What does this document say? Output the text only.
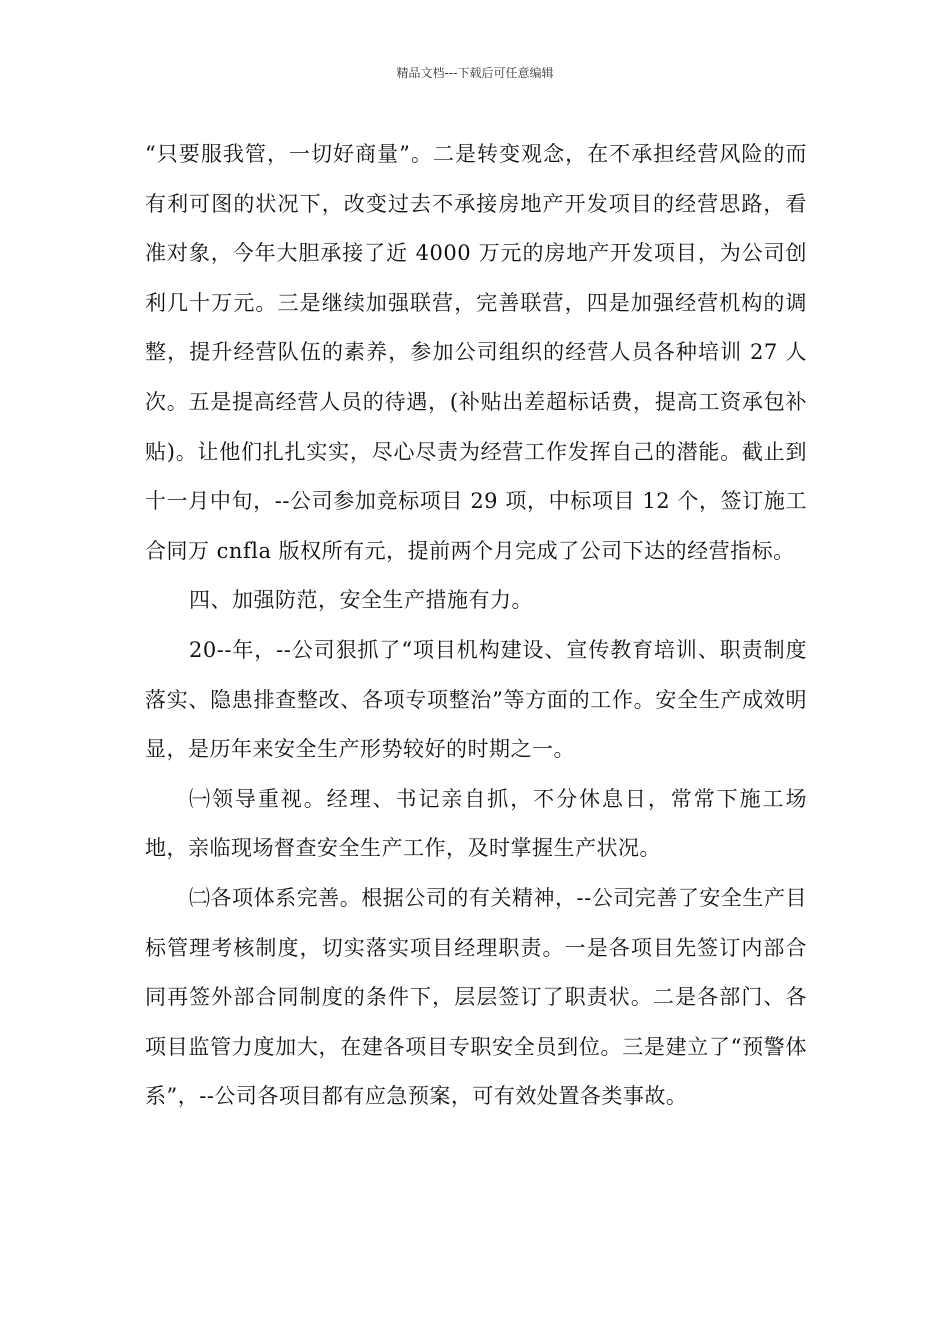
精品文档---下载后可任意编辑

“只要服我管，一切好商量”。二是转变观念，在不承担经营风险的而有利可图的状况下，改变过去不承接房地产开发项目的经营思路，看准对象，今年大胆承接了近 4000 万元的房地产开发项目，为公司创利几十万元。三是继续加强联营，完善联营，四是加强经营机构的调整，提升经营队伍的素养，参加公司组织的经营人员各种培训 27 人次。五是提高经营人员的待遇，(补贴出差超标话费，提高工资承包补贴)。让他们扎扎实实，尽心尽责为经营工作发挥自己的潜能。截止到十一月中旬，--公司参加竞标项目 29 项，中标项目 12 个，签订施工合同万 cnfla 版权所有元，提前两个月完成了公司下达的经营指标。

四、加强防范，安全生产措施有力。

20--年，--公司狠抓了“项目机构建设、宣传教育培训、职责制度落实、隐患排查整改、各项专项整治”等方面的工作。安全生产成效明显，是历年来安全生产形势较好的时期之一。

㈠领导重视。经理、书记亲自抓，不分休息日，常常下施工场地，亲临现场督查安全生产工作，及时掌握生产状况。

㈡各项体系完善。根据公司的有关精神，--公司完善了安全生产目标管理考核制度，切实落实项目经理职责。一是各项目先签订内部合同再签外部合同制度的条件下，层层签订了职责状。二是各部门、各项目监管力度加大，在建各项目专职安全员到位。三是建立了“预警体系”，--公司各项目都有应急预案，可有效处置各类事故。
